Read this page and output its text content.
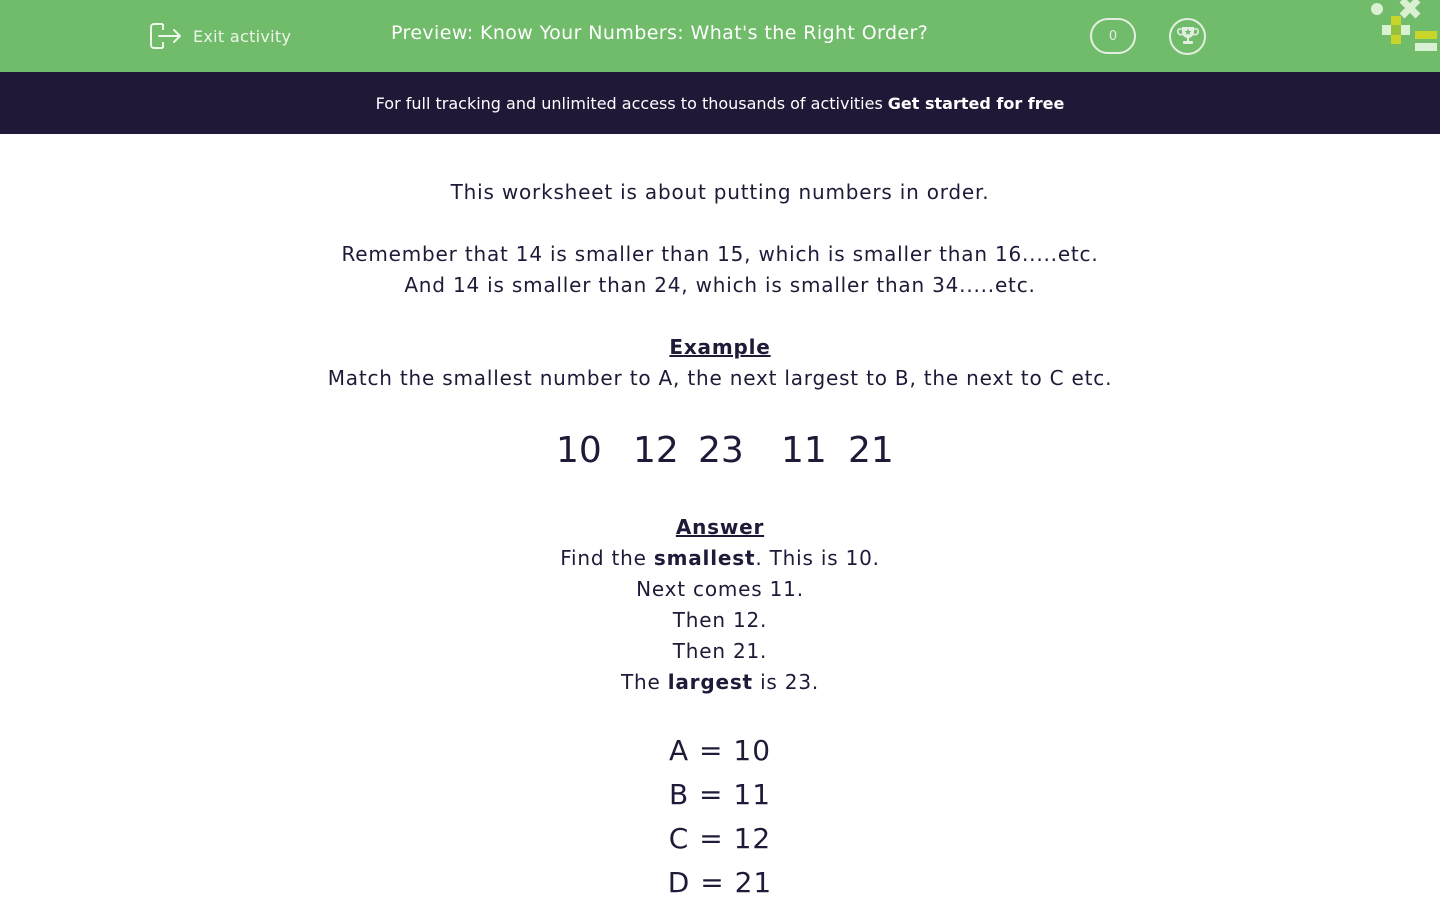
Exit activity	Preview: Know Your Numbers: What's the Right Order?	0
For full tracking and unlimited access to thousands of activities Get started for free
This worksheet is about putting numbers in order.
Remember that 14 is smaller than 15, which is smaller than 16.....etc.
And 14 is smaller than 24, which is smaller than 34.....etc.
Example
Match the smallest number to A, the next largest to B, the next to C etc.
10 12 23 11 21
Answer
Find the smallest. This is 10.
Next comes 11.
Then 12.
Then 21.
The largest is 23.
A = 10
B = 11
C = 12
D = 21
